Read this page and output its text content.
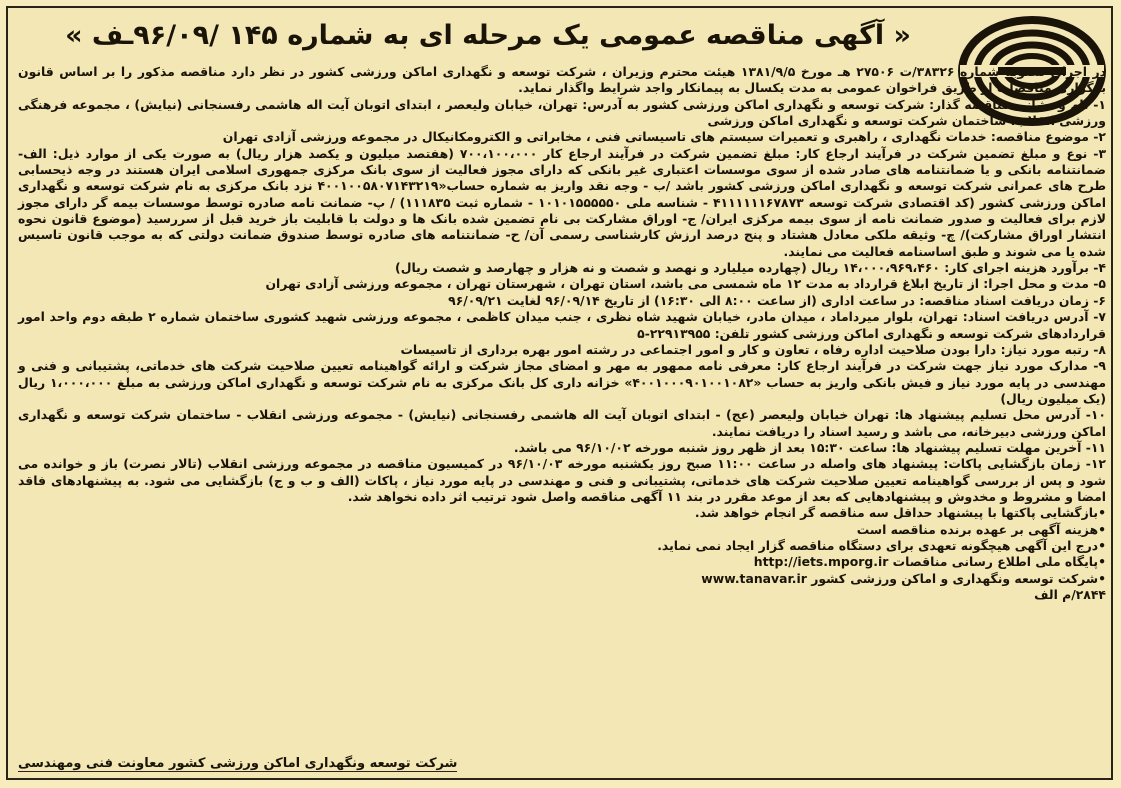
« آگهی مناقصه عمومی یک مرحله ای به شماره ۱۴۵ /۹۶/۰۹ـف »

در اجرای مصوبه شماره ۳۸۳۲۶/ت ۲۷۵۰۶ هـ مورخ ۱۳۸۱/۹/۵ هیئت محترم وزیران ، شرکت توسعه و نگهداری اماکن ورزشی کشور در نظر دارد مناقصه مذکور را بر اساس قانون برگزاری مناقصات از طریق فراخوان عمومی به مدت یکسال به پیمانکار واجد شرایط واگذار نماید.

۱- نام و نشانی مناقصه گذار: شرکت توسعه و نگهداری اماکن ورزشی کشور به آدرس: تهران، خیابان ولیعصر ، ابتدای اتوبان آیت اله هاشمی رفسنجانی (نیایش) ، مجموعه فرهنگی ورزشی انقلاب، ساختمان شرکت توسعه و نگهداری اماکن ورزشی

۲- موضوع مناقصه: خدمات نگهداری ، راهبری و تعمیرات سیستم های تاسیساتی فنی ، مخابراتی و الکترومکانیکال در مجموعه ورزشی آزادی تهران

۳- نوع و مبلغ تضمین شرکت در فرآیند ارجاع کار: مبلغ تضمین شرکت در فرآیند ارجاع کار ۷۰۰،۱۰۰،۰۰۰ (هفتصد میلیون و یکصد هزار ریال) به صورت یکی از موارد ذیل: الف- ضمانتنامه بانکی و یا ضمانتنامه های صادر شده از سوی موسسات اعتباری غیر بانکی که دارای مجوز فعالیت از سوی بانک مرکزی جمهوری اسلامی ایران هستند در وجه ذیحسابی طرح های عمرانی شرکت توسعه و نگهداری اماکن ورزشی کشور باشد /ب - وجه نقد واریز به شماره حساب«۴۰۰۱۰۰۵۸۰۷۱۴۳۲۱۹ نزد بانک مرکزی به نام شرکت توسعه و نگهداری اماکن ورزشی کشور (کد اقتصادی شرکت توسعه ۴۱۱۱۱۱۱۶۷۸۷۳ - شناسه ملی ۱۰۱۰۱۵۵۵۵۵۰ - شماره ثبت ۱۱۱۸۳۵) / پ- ضمانت نامه صادره توسط موسسات بیمه گر دارای مجوز لازم برای فعالیت و صدور ضمانت نامه از سوی بیمه مرکزی ایران/ ج- اوراق مشارکت بی نام تضمین شده بانک ها و دولت با قابلیت باز خرید قبل از سررسید (موضوع قانون نحوه انتشار اوراق مشارکت)/ چ- وثیقه ملکی معادل هشتاد و پنج درصد ارزش کارشناسی رسمی آن/ ح- ضمانتنامه های صادره توسط صندوق ضمانت دولتی که به موجب قانون تاسیس شده یا می شوند و طبق اساسنامه فعالیت می نمایند.

۴- برآورد هزینه اجرای کار: ۱۴،۰۰۰،۹۶۹،۴۶۰ ریال (چهارده میلیارد و نهصد و شصت و نه هزار و چهارصد و شصت ریال)

۵- مدت و محل اجرا: از تاریخ ابلاغ قرارداد به مدت ۱۲ ماه شمسی می باشد، استان تهران ، شهرستان تهران ، مجموعه ورزشی آزادی تهران

۶- زمان دریافت اسناد مناقصه: در ساعت اداری (از ساعت ۸:۰۰ الی ۱۶:۳۰) از تاریخ ۹۶/۰۹/۱۴ لغایت ۹۶/۰۹/۲۱

۷- آدرس دریافت اسناد: تهران، بلوار میرداماد ، میدان مادر، خیابان شهید شاه نظری ، جنب میدان کاظمی ، مجموعه ورزشی شهید کشوری ساختمان شماره ۲ طبقه دوم واحد امور قراردادهای شرکت توسعه و نگهداری اماکن ورزشی کشور تلفن: ۲۲۹۱۳۹۵۵-۵

۸- رتبه مورد نیاز: دارا بودن صلاحیت اداره رفاه ، تعاون و کار و امور اجتماعی در رشته امور بهره برداری از تاسیسات

۹- مدارک مورد نیاز جهت شرکت در فرآیند ارجاع کار: معرفی نامه ممهور به مهر و امضای مجاز شرکت و ارائه گواهینامه تعیین صلاحیت شرکت های خدماتی، پشتیبانی و فنی و مهندسی در پایه مورد نیاز و فیش بانکی واریز به حساب «۴۰۰۱۰۰۰۹۰۱۰۰۱۰۸۲» خزانه داری کل بانک مرکزی به نام شرکت توسعه و نگهداری اماکن ورزشی به مبلغ ۱،۰۰۰،۰۰۰ ریال (یک میلیون ریال)

۱۰- آدرس محل تسلیم پیشنهاد ها: تهران خیابان ولیعصر (عج) - ابتدای اتوبان آیت اله هاشمی رفسنجانی (نیایش) - مجموعه ورزشی انقلاب - ساختمان شرکت توسعه و نگهداری اماکن ورزشی دبیرخانه، می باشد و رسید اسناد را دریافت نمایند.

۱۱- آخرین مهلت تسلیم پیشنهاد ها: ساعت ۱۵:۳۰ بعد از ظهر روز شنبه مورخه ۹۶/۱۰/۰۲ می باشد.

۱۲- زمان بازگشایی پاکات: پیشنهاد های واصله در ساعت ۱۱:۰۰ صبح روز یکشنبه مورخه ۹۶/۱۰/۰۳ در کمیسیون مناقصه در مجموعه ورزشی انقلاب (تالار نصرت) باز و خوانده می شود و پس از بررسی گواهینامه تعیین صلاحیت شرکت های خدماتی، پشتیبانی و فنی و مهندسی در پایه مورد نیاز ، پاکات (الف و ب و ج) بازگشایی می شود. به پیشنهادهای فاقد امضا و مشروط و مخدوش و پیشنهادهایی که بعد از موعد مقرر در بند ۱۱ آگهی مناقصه واصل شود ترتیب اثر داده نخواهد شد.

•بازگشایی پاکتها با پیشنهاد حداقل سه مناقصه گر انجام خواهد شد.

•هزینه آگهی بر عهده برنده مناقصه است

•درج این آگهی هیچگونه تعهدی برای دستگاه مناقصه گزار ایجاد نمی نماید.

•پایگاه ملی اطلاع رسانی مناقصات http://iets.mporg.ir

•شرکت توسعه ونگهداری و اماکن ورزشی کشور www.tanavar.ir

۲۸۴۴/م الف

شرکت توسعه ونگهداری اماکن ورزشی کشور معاونت فنی ومهندسی
